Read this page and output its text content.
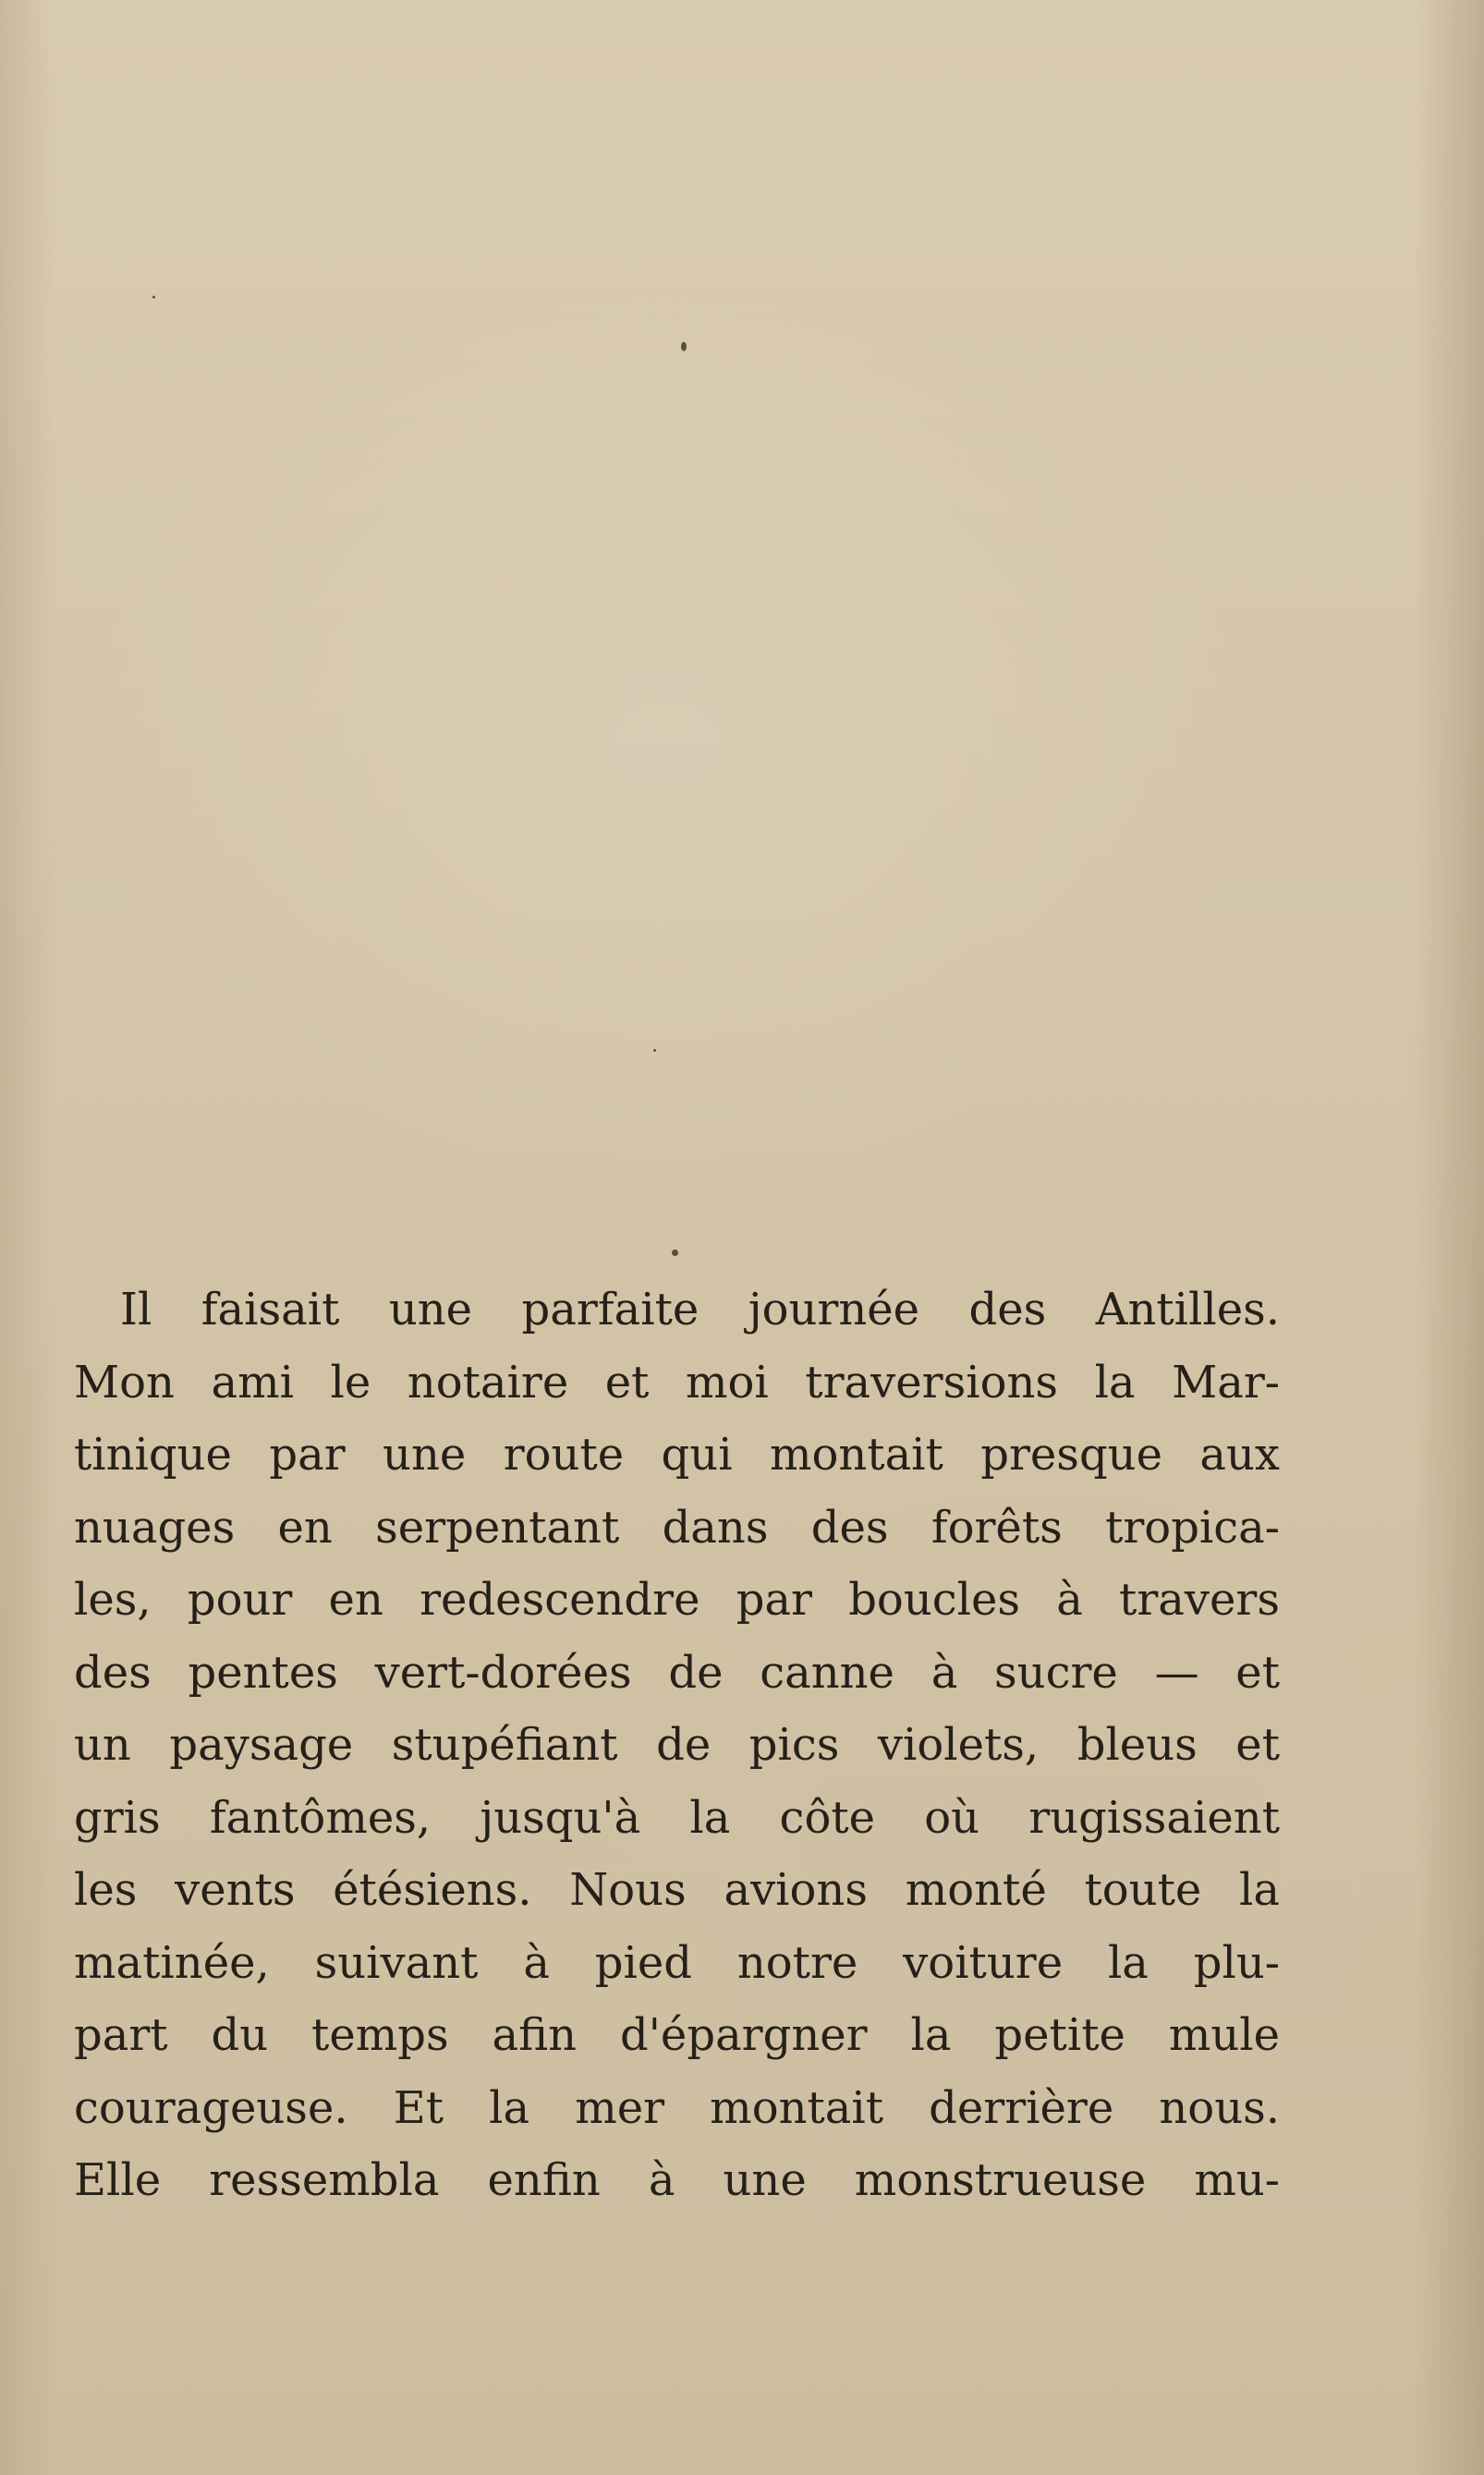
Il faisait une parfaite journée des Antilles.
Mon ami le notaire et moi traversions la Mar-
tinique par une route qui montait presque aux
nuages en serpentant dans des forêts tropica-
les, pour en redescendre par boucles à travers
des pentes vert-dorées de canne à sucre — et
un paysage stupéfiant de pics violets, bleus et
gris fantômes, jusqu'à la côte où rugissaient
les vents étésiens. Nous avions monté toute la
matinée, suivant à pied notre voiture la plu-
part du temps afin d'épargner la petite mule
courageuse. Et la mer montait derrière nous.
Elle ressembla enfin à une monstrueuse mu-
